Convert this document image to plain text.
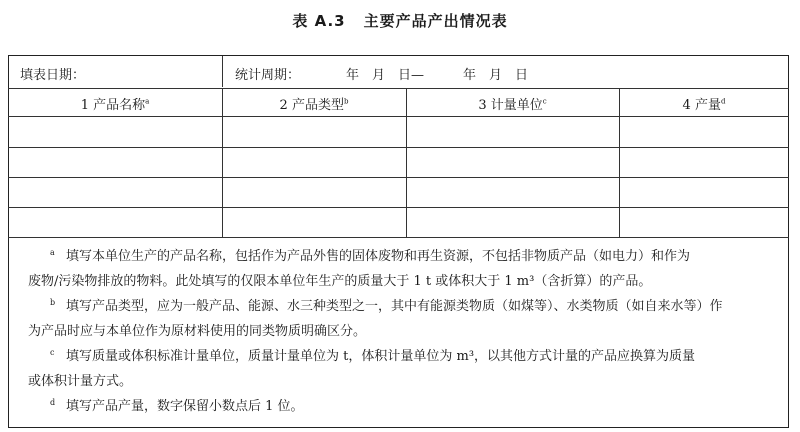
表 A.3 主要产品产出情况表
填表日期：	统计周期：	年　月　日—　　　年　月　日
1 产品名称$^a$	2 产品类型$^b$	3 计量单位$^c$	4 产量$^d$
a 填写本单位生产的产品名称，包括作为产品外售的固体废物和再生资源，不包括非物质产品（如电力）和作为
废物/污染物排放的物料。此处填写的仅限本单位年生产的质量大于 1 t 或体积大于 1 m³（含折算）的产品。
b 填写产品类型，应为一般产品、能源、水三种类型之一，其中有能源类物质（如煤等）、水类物质（如自来水等）作
为产品时应与本单位作为原材料使用的同类物质明确区分。
c 填写质量或体积标准计量单位，质量计量单位为 t，体积计量单位为 m³，以其他方式计量的产品应换算为质量
或体积计量方式。
d 填写产品产量，数字保留小数点后 1 位。
